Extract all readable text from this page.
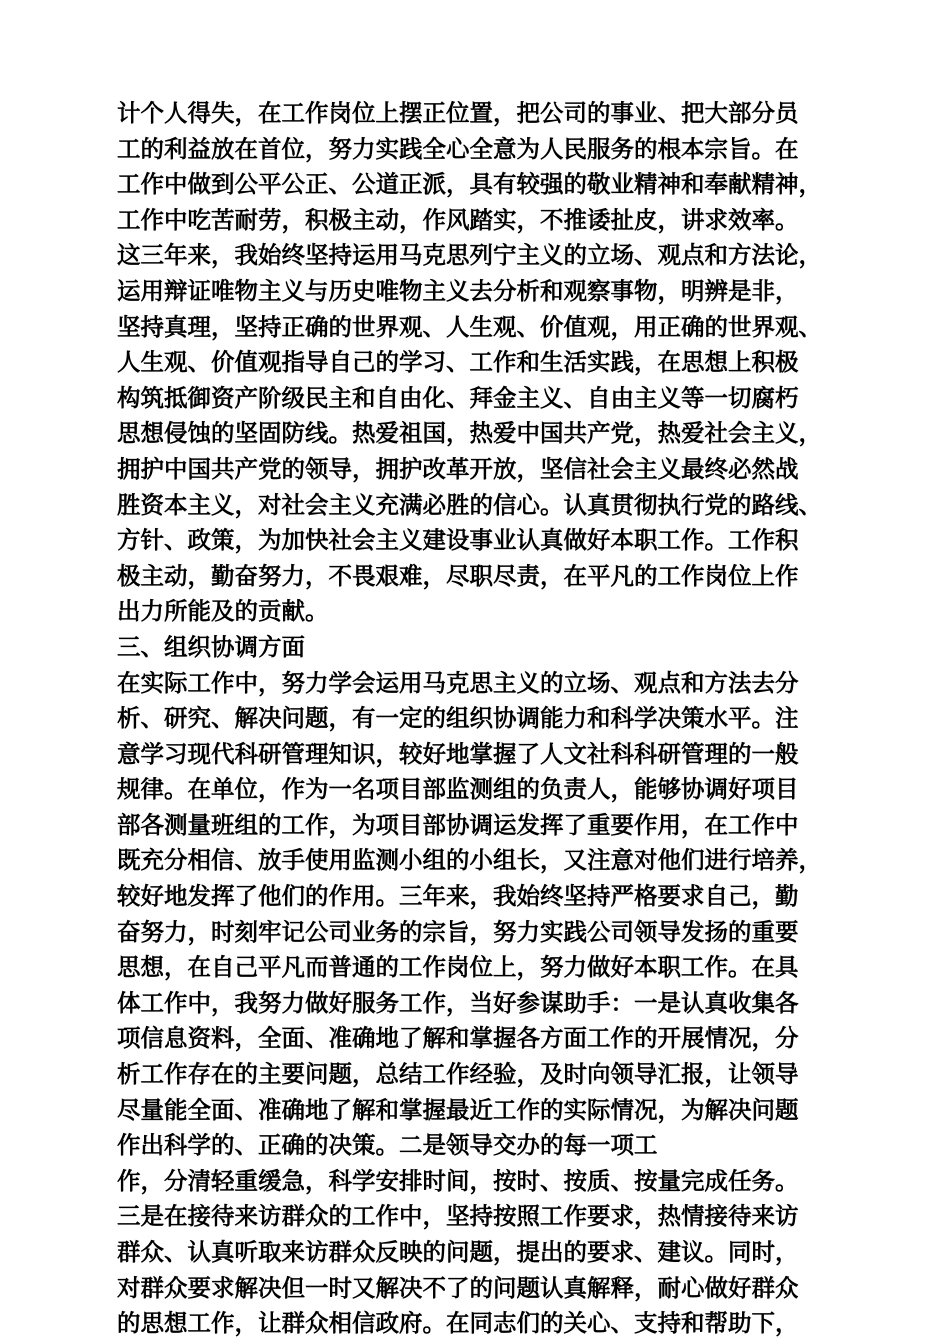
计个人得失，在工作岗位上摆正位置，把公司的事业、把大部分员
工的利益放在首位，努力实践全心全意为人民服务的根本宗旨。在
工作中做到公平公正、公道正派，具有较强的敬业精神和奉献精神，
工作中吃苦耐劳，积极主动，作风踏实，不推诿扯皮，讲求效率。
这三年来，我始终坚持运用马克思列宁主义的立场、观点和方法论，
运用辩证唯物主义与历史唯物主义去分析和观察事物，明辨是非，
坚持真理，坚持正确的世界观、人生观、价值观，用正确的世界观、
人生观、价值观指导自己的学习、工作和生活实践，在思想上积极
构筑抵御资产阶级民主和自由化、拜金主义、自由主义等一切腐朽
思想侵蚀的坚固防线。热爱祖国，热爱中国共产党，热爱社会主义，
拥护中国共产党的领导，拥护改革开放，坚信社会主义最终必然战
胜资本主义，对社会主义充满必胜的信心。认真贯彻执行党的路线、
方针、政策，为加快社会主义建设事业认真做好本职工作。工作积
极主动，勤奋努力，不畏艰难，尽职尽责，在平凡的工作岗位上作
出力所能及的贡献。
三、组织协调方面
在实际工作中，努力学会运用马克思主义的立场、观点和方法去分
析、研究、解决问题，有一定的组织协调能力和科学决策水平。注
意学习现代科研管理知识，较好地掌握了人文社科科研管理的一般
规律。在单位，作为一名项目部监测组的负责人，能够协调好项目
部各测量班组的工作，为项目部协调运发挥了重要作用，在工作中
既充分相信、放手使用监测小组的小组长，又注意对他们进行培养，
较好地发挥了他们的作用。三年来，我始终坚持严格要求自己，勤
奋努力，时刻牢记公司业务的宗旨，努力实践公司领导发扬的重要
思想，在自己平凡而普通的工作岗位上，努力做好本职工作。在具
体工作中，我努力做好服务工作，当好参谋助手：一是认真收集各
项信息资料，全面、准确地了解和掌握各方面工作的开展情况，分
析工作存在的主要问题，总结工作经验，及时向领导汇报，让领导
尽量能全面、准确地了解和掌握最近工作的实际情况，为解决问题
作出科学的、正确的决策。二是领导交办的每一项工
作，分清轻重缓急，科学安排时间，按时、按质、按量完成任务。
三是在接待来访群众的工作中，坚持按照工作要求，热情接待来访
群众、认真听取来访群众反映的问题，提出的要求、建议。同时，
对群众要求解决但一时又解决不了的问题认真解释，耐心做好群众
的思想工作，让群众相信政府。在同志们的关心、支持和帮助下，
